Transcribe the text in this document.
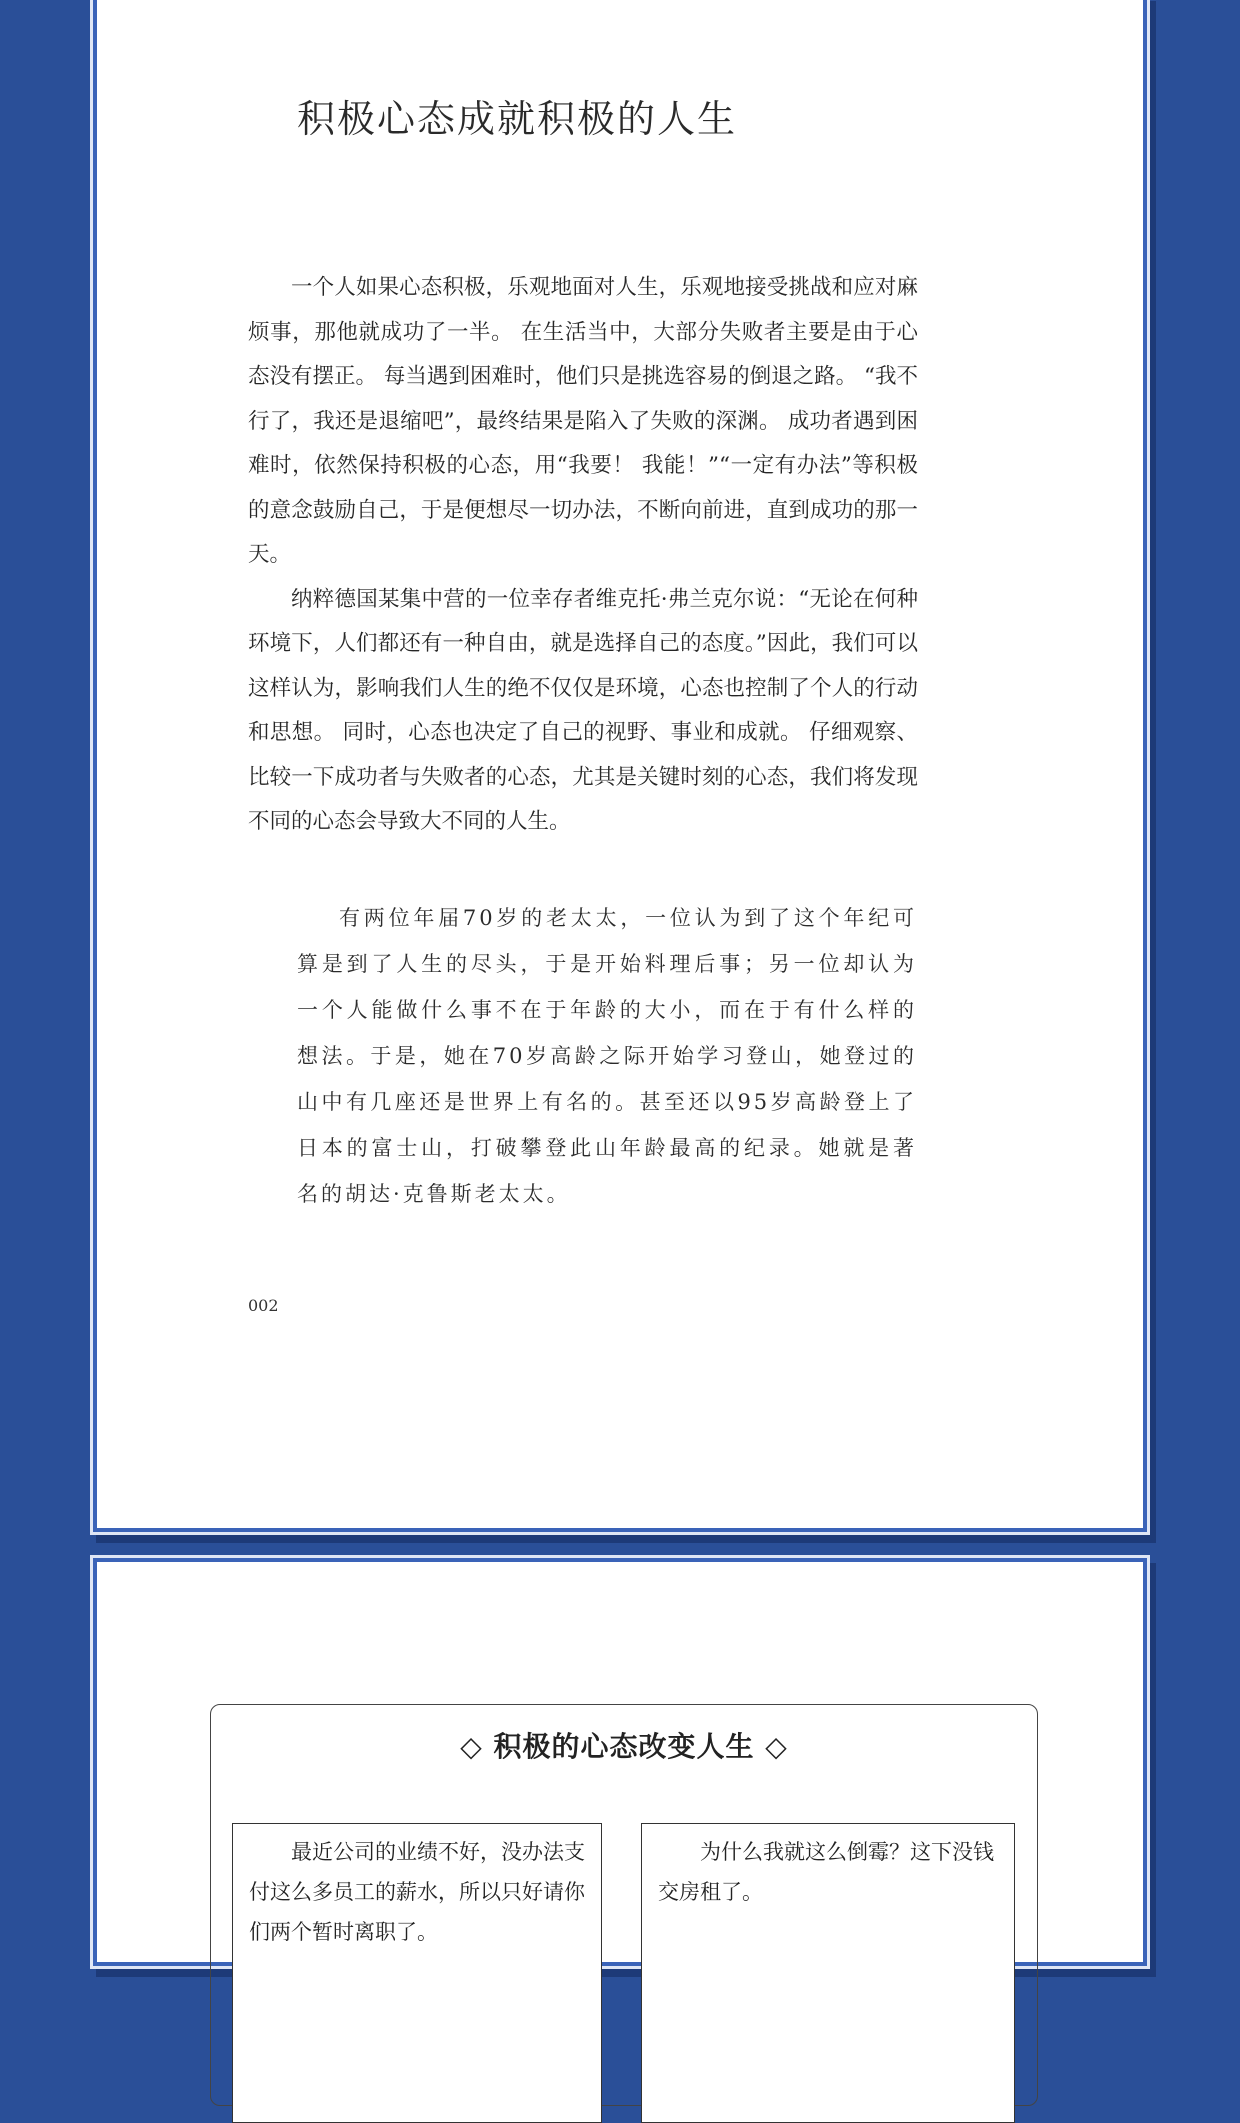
积极心态成就积极的人生

一个人如果心态积极，乐观地面对人生，乐观地接受挑战和应对麻烦事，那他就成功了一半。 在生活当中，大部分失败者主要是由于心态没有摆正。 每当遇到困难时，他们只是挑选容易的倒退之路。 “我不行了，我还是退缩吧”，最终结果是陷入了失败的深渊。 成功者遇到困难时，依然保持积极的心态，用“我要！ 我能！”“一定有办法”等积极的意念鼓励自己，于是便想尽一切办法，不断向前进，直到成功的那一天。

纳粹德国某集中营的一位幸存者维克托·弗兰克尔说：“无论在何种环境下，人们都还有一种自由，就是选择自己的态度。”因此，我们可以这样认为，影响我们人生的绝不仅仅是环境，心态也控制了个人的行动和思想。 同时，心态也决定了自己的视野、事业和成就。 仔细观察、比较一下成功者与失败者的心态，尤其是关键时刻的心态，我们将发现不同的心态会导致大不同的人生。

有两位年届70岁的老太太，一位认为到了这个年纪可算是到了人生的尽头，于是开始料理后事；另一位却认为一个人能做什么事不在于年龄的大小，而在于有什么样的想法。于是，她在70岁高龄之际开始学习登山，她登过的山中有几座还是世界上有名的。甚至还以95岁高龄登上了日本的富士山，打破攀登此山年龄最高的纪录。她就是著名的胡达·克鲁斯老太太。

002
◇ 积极的心态改变人生 ◇

最近公司的业绩不好，没办法支付这么多员工的薪水，所以只好请你们两个暂时离职了。

为什么我就这么倒霉？这下没钱交房租了。
